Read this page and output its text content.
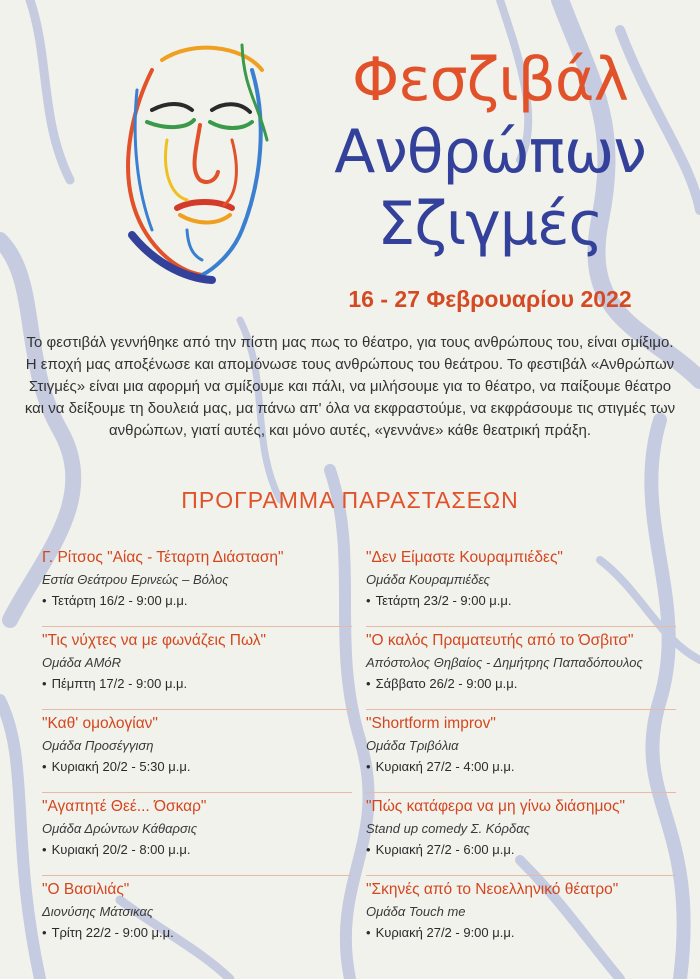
Φεσζιβάλ
Ανθρώπων
Σζιγμές
16 - 27 Φεβρουαρίου 2022
Το φεστιβάλ γεννήθηκε από την πίστη μας πως το θέατρο, για τους ανθρώπους του, είναι σμίξιμο. Η εποχή μας αποξένωσε και απομόνωσε τους ανθρώπους του θεάτρου. Το φεστιβάλ «Ανθρώπων Στιγμές» είναι μια αφορμή να σμίξουμε και πάλι, να μιλήσουμε για το θέατρο, να παίξουμε θέατρο και να δείξουμε τη δουλειά μας, μα πάνω απ' όλα να εκφραστούμε, να εκφράσουμε τις στιγμές των ανθρώπων, γιατί αυτές, και μόνο αυτές, «γεννάνε» κάθε θεατρική πράξη.
ΠΡΟΓΡΑΜΜΑ ΠΑΡΑΣΤΑΣΕΩΝ
Γ. Ρίτσος "Αίας - Τέταρτη Διάσταση"
Εστία Θεάτρου Ερινεώς – Βόλος
• Τετάρτη 16/2 - 9:00 μ.μ.
"Τις νύχτες να με φωνάζεις Πωλ"
Ομάδα AMόR
• Πέμπτη 17/2 - 9:00 μ.μ.
"Καθ' ομολογίαν"
Ομάδα Προσέγγιση
• Κυριακή 20/2 - 5:30 μ.μ.
"Αγαπητέ Θεέ... Όσκαρ"
Ομάδα Δρώντων Κάθαρσις
• Κυριακή 20/2 - 8:00 μ.μ.
"Ο Βασιλιάς"
Διονύσης Μάτσικας
• Τρίτη 22/2 - 9:00 μ.μ.
"Δεν Είμαστε Κουραμπιέδες"
Ομάδα Κουραμπιέδες
• Τετάρτη 23/2 - 9:00 μ.μ.
"Ο καλός Πραματευτής από το Όσβιτσ"
Απόστολος Θηβαίος - Δημήτρης Παπαδόπουλος
• Σάββατο 26/2 - 9:00 μ.μ.
"Shortform improv"
Ομάδα Τριβόλια
• Κυριακή 27/2 - 4:00 μ.μ.
"Πώς κατάφερα να μη γίνω διάσημος"
Stand up comedy Σ. Κόρδας
• Κυριακή 27/2 - 6:00 μ.μ.
"Σκηνές από το Νεοελληνικό θέατρο"
Ομάδα Touch me
• Κυριακή 27/2 - 9:00 μ.μ.
